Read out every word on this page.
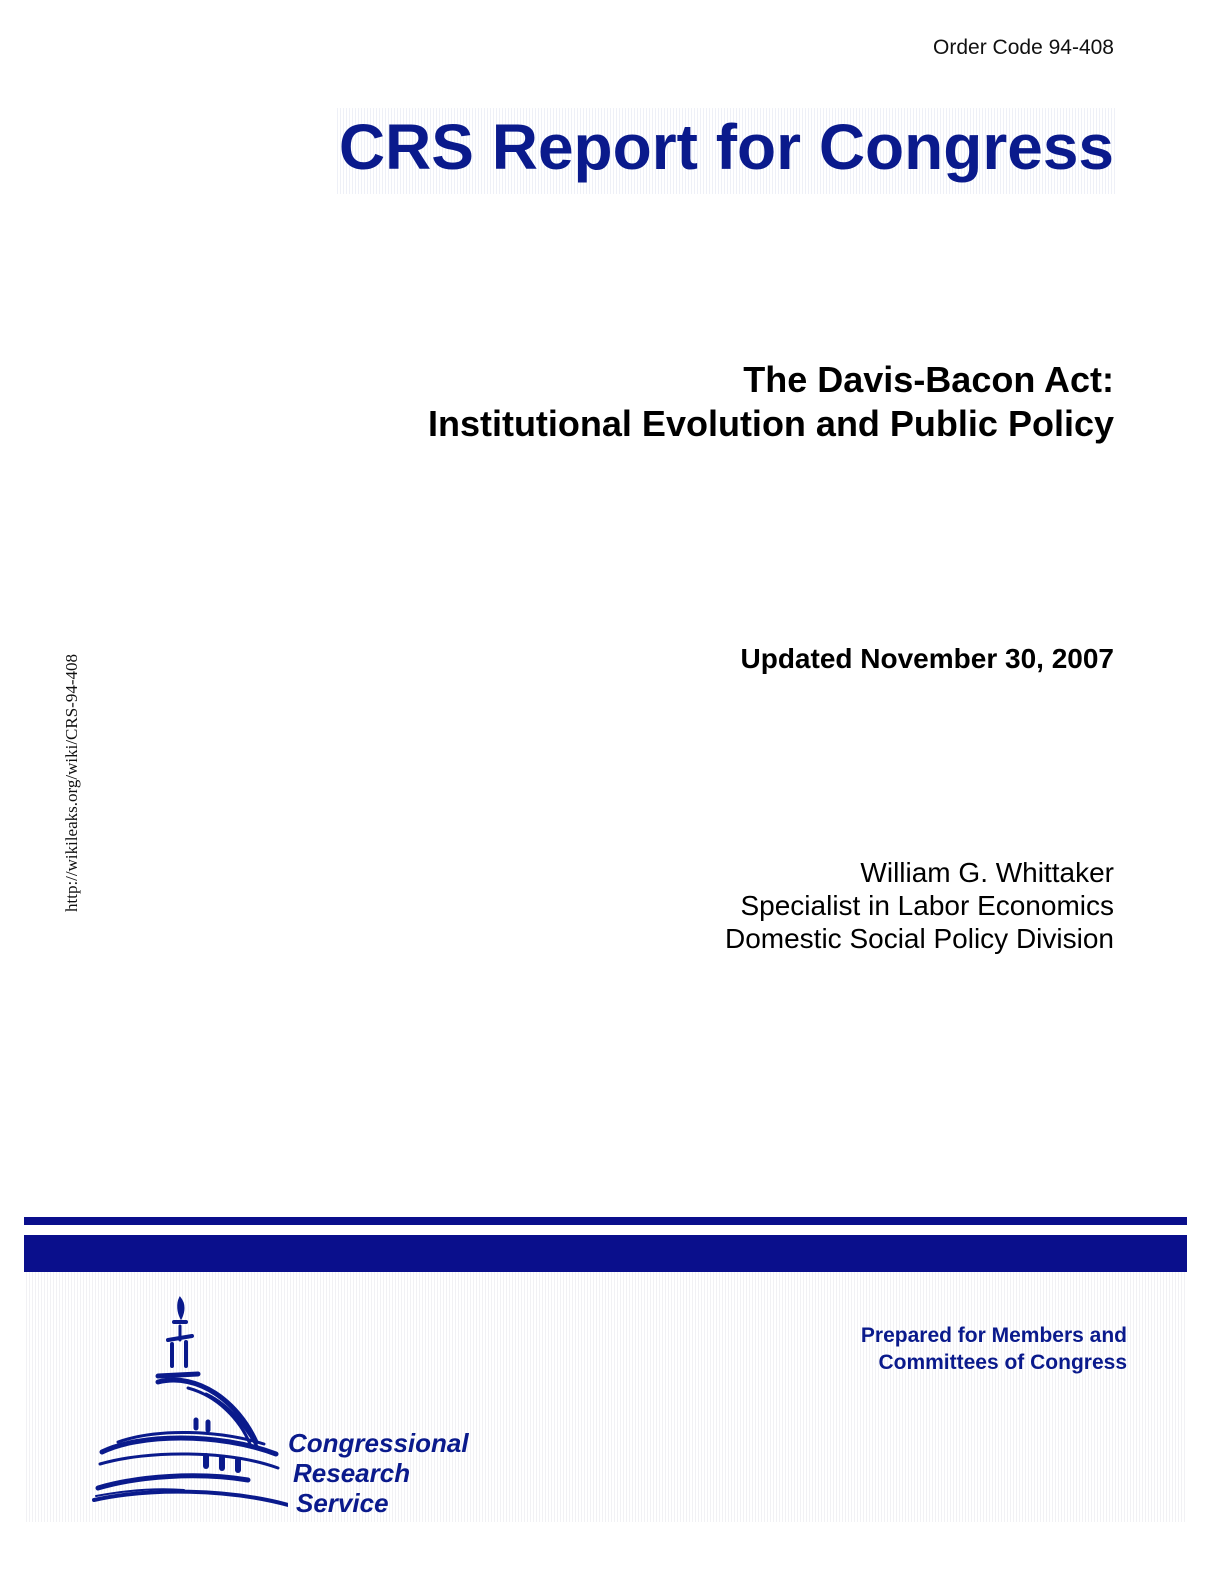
Order Code 94-408
CRS Report for Congress
The Davis-Bacon Act:
Institutional Evolution and Public Policy
Updated November 30, 2007
William G. Whittaker
Specialist in Labor Economics
Domestic Social Policy Division
http://wikileaks.org/wiki/CRS-94-408
Prepared for Members and
Committees of Congress
Congressional
Research
Service
